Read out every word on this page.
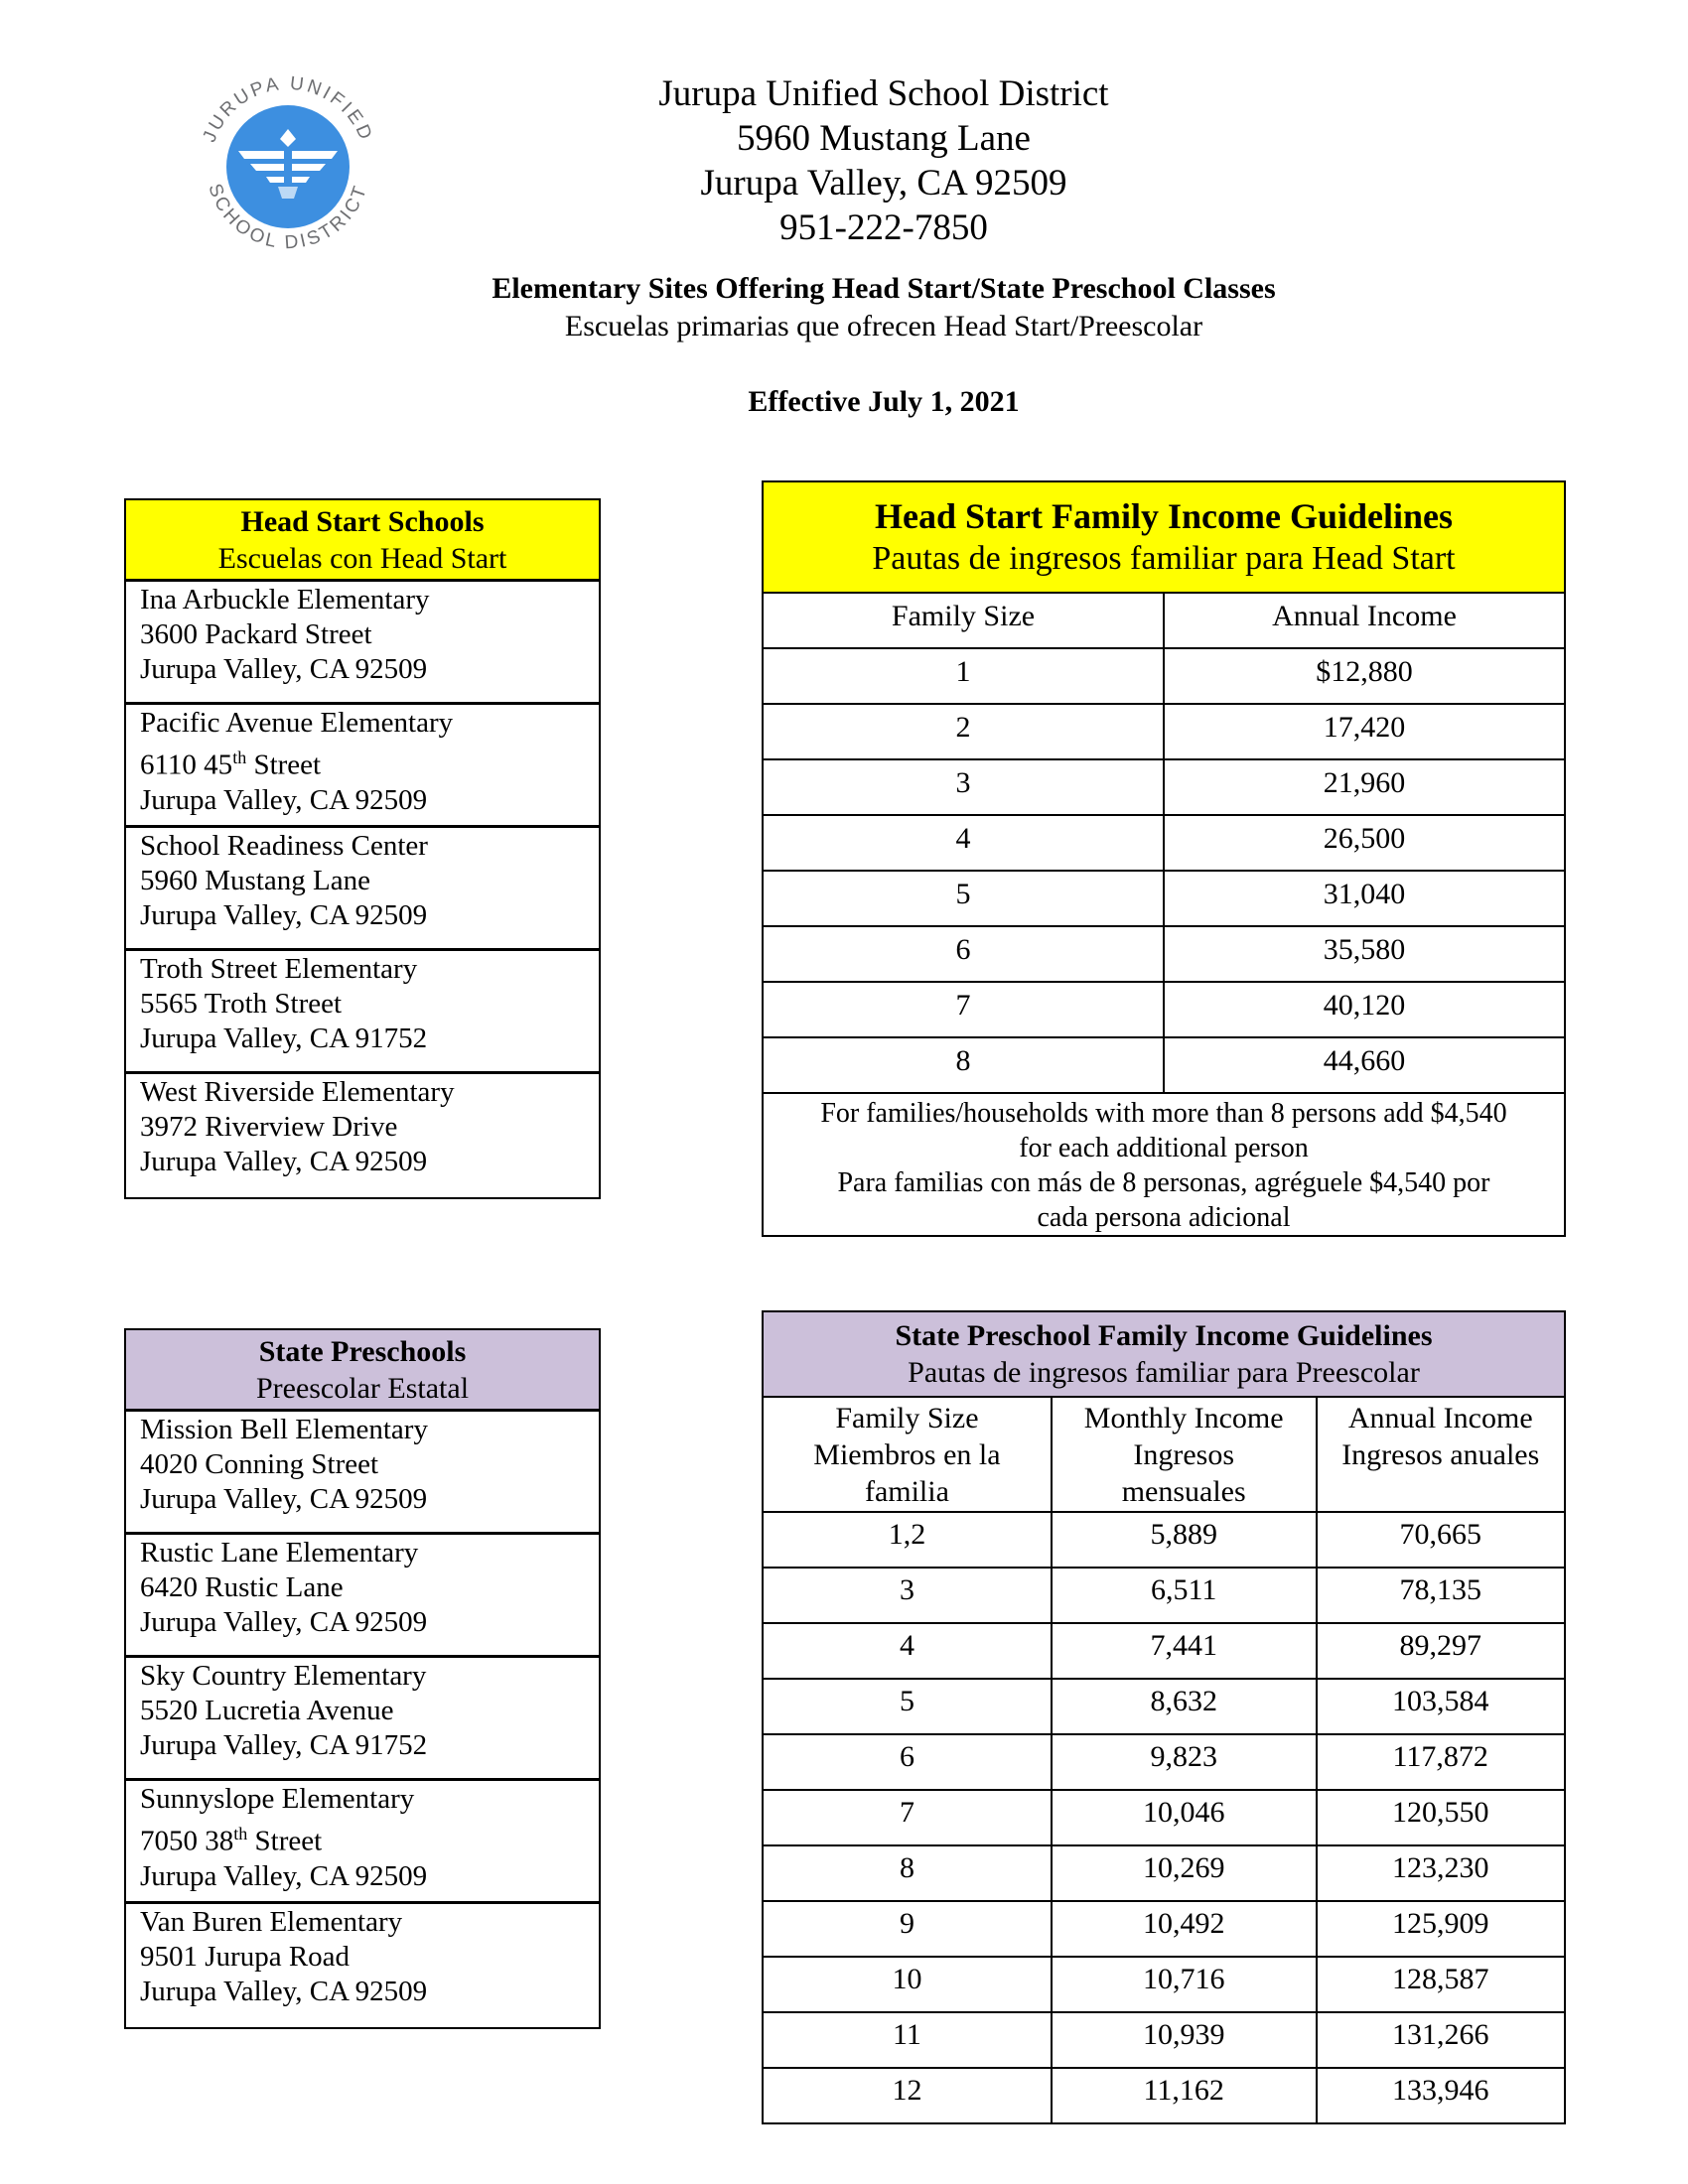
JURUPA UNIFIED
SCHOOL DISTRICT
Jurupa Unified School District
5960 Mustang Lane
Jurupa Valley, CA 92509
951-222-7850
Elementary Sites Offering Head Start/State Preschool Classes
Escuelas primarias que ofrecen Head Start/Preescolar
Effective July 1, 2021
Head Start Schools
Escuelas con Head Start
Ina Arbuckle Elementary
3600 Packard Street
Jurupa Valley, CA 92509
Pacific Avenue Elementary
6110 45th Street
Jurupa Valley, CA 92509
School Readiness Center
5960 Mustang Lane
Jurupa Valley, CA 92509
Troth Street Elementary
5565 Troth Street
Jurupa Valley, CA 91752
West Riverside Elementary
3972 Riverview Drive
Jurupa Valley, CA 92509
State Preschools
Preescolar Estatal
Mission Bell Elementary
4020 Conning Street
Jurupa Valley, CA 92509
Rustic Lane Elementary
6420 Rustic Lane
Jurupa Valley, CA 92509
Sky Country Elementary
5520 Lucretia Avenue
Jurupa Valley, CA 91752
Sunnyslope Elementary
7050 38th Street
Jurupa Valley, CA 92509
Van Buren Elementary
9501 Jurupa Road
Jurupa Valley, CA 92509
Head Start Family Income Guidelines
Pautas de ingresos familiar para Head Start	

Family Size	Annual Income
1	$12,880
2	17,420
3	21,960
4	26,500
5	31,040
6	35,580
7	40,120
8	44,660

For families/households with more than 8 persons add $4,540
for each additional person
Para familias con más de 8 personas, agréguele $4,540 por
cada persona adicional	
State Preschool Family Income Guidelines
Pautas de ingresos familiar para Preescolar		

Family Size
Miembros en la
familia	Monthly Income
Ingresos
mensuales	Annual Income
Ingresos anuales

1,2	5,889	70,665
3	6,511	78,135
4	7,441	89,297
5	8,632	103,584
6	9,823	117,872
7	10,046	120,550
8	10,269	123,230
9	10,492	125,909
10	10,716	128,587
11	10,939	131,266
12	11,162	133,946
